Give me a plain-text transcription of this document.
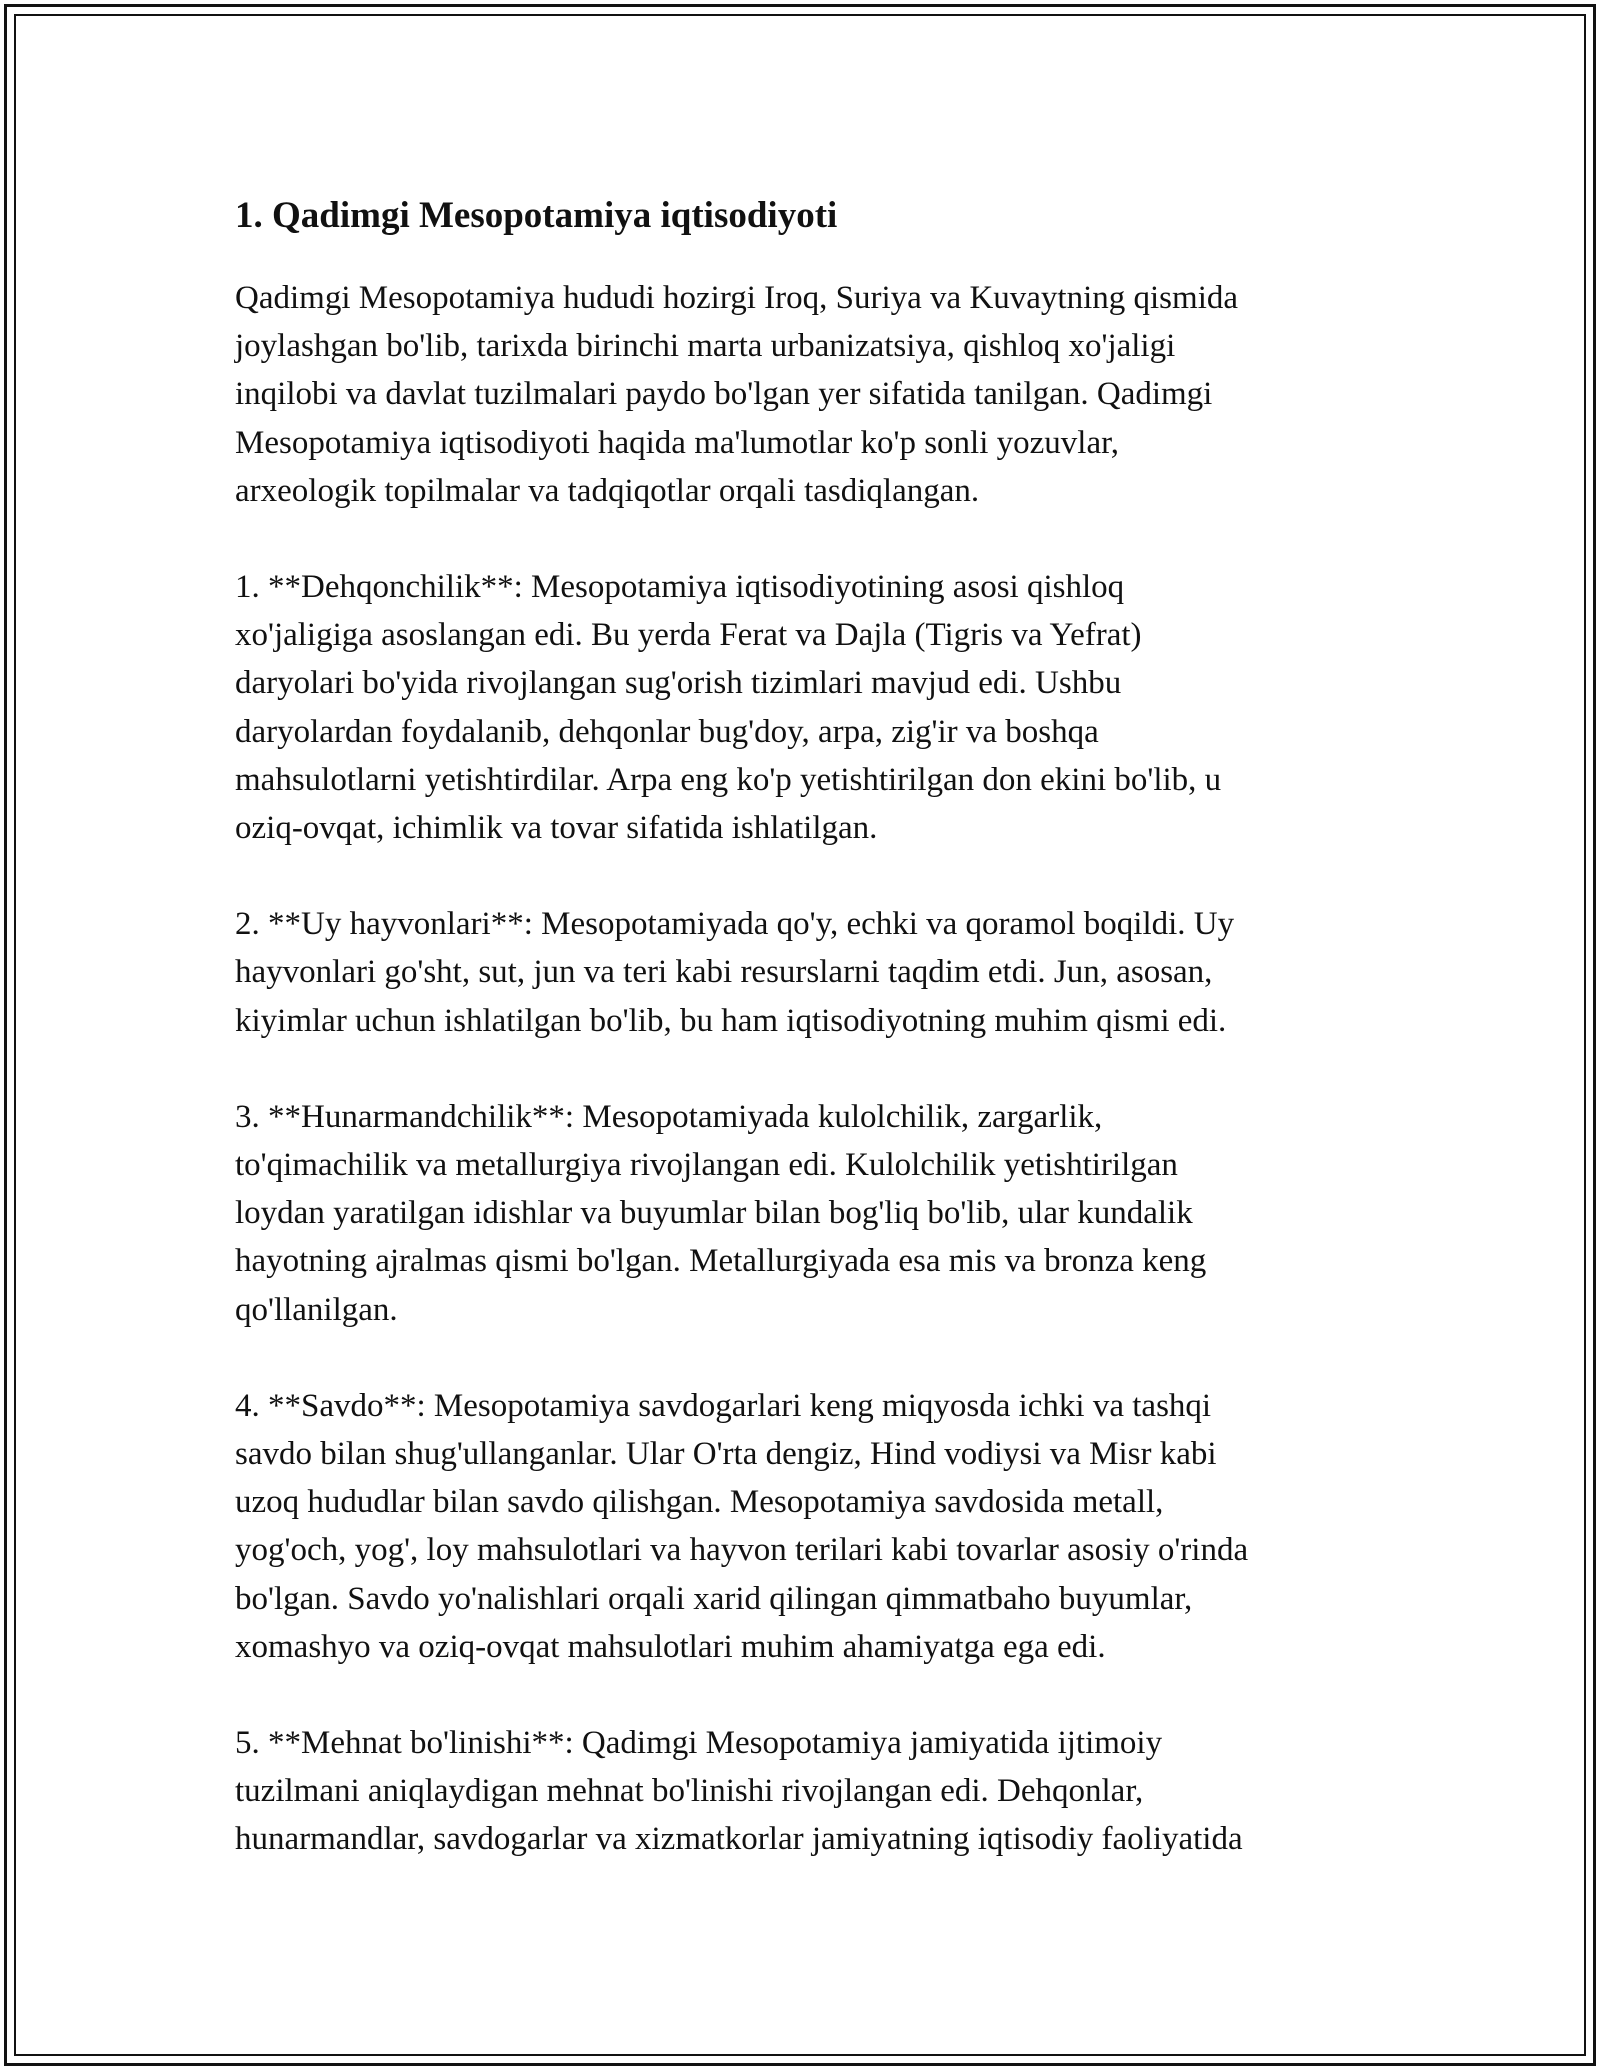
1. Qadimgi Mesopotamiya iqtisodiyoti

Qadimgi Mesopotamiya hududi hozirgi Iroq, Suriya va Kuvaytning qismida
joylashgan bo'lib, tarixda birinchi marta urbanizatsiya, qishloq xo'jaligi
inqilobi va davlat tuzilmalari paydo bo'lgan yer sifatida tanilgan. Qadimgi
Mesopotamiya iqtisodiyoti haqida ma'lumotlar ko'p sonli yozuvlar,
arxeologik topilmalar va tadqiqotlar orqali tasdiqlangan.

1. **Dehqonchilik**: Mesopotamiya iqtisodiyotining asosi qishloq
xo'jaligiga asoslangan edi. Bu yerda Ferat va Dajla (Tigris va Yefrat)
daryolari bo'yida rivojlangan sug'orish tizimlari mavjud edi. Ushbu
daryolardan foydalanib, dehqonlar bug'doy, arpa, zig'ir va boshqa
mahsulotlarni yetishtirdilar. Arpa eng ko'p yetishtirilgan don ekini bo'lib, u
oziq-ovqat, ichimlik va tovar sifatida ishlatilgan.

2. **Uy hayvonlari**: Mesopotamiyada qo'y, echki va qoramol boqildi. Uy
hayvonlari go'sht, sut, jun va teri kabi resurslarni taqdim etdi. Jun, asosan,
kiyimlar uchun ishlatilgan bo'lib, bu ham iqtisodiyotning muhim qismi edi.

3. **Hunarmandchilik**: Mesopotamiyada kulolchilik, zargarlik,
to'qimachilik va metallurgiya rivojlangan edi. Kulolchilik yetishtirilgan
loydan yaratilgan idishlar va buyumlar bilan bog'liq bo'lib, ular kundalik
hayotning ajralmas qismi bo'lgan. Metallurgiyada esa mis va bronza keng
qo'llanilgan.

4. **Savdo**: Mesopotamiya savdogarlari keng miqyosda ichki va tashqi
savdo bilan shug'ullanganlar. Ular O'rta dengiz, Hind vodiysi va Misr kabi
uzoq hududlar bilan savdo qilishgan. Mesopotamiya savdosida metall,
yog'och, yog', loy mahsulotlari va hayvon terilari kabi tovarlar asosiy o'rinda
bo'lgan. Savdo yo'nalishlari orqali xarid qilingan qimmatbaho buyumlar,
xomashyo va oziq-ovqat mahsulotlari muhim ahamiyatga ega edi.

5. **Mehnat bo'linishi**: Qadimgi Mesopotamiya jamiyatida ijtimoiy
tuzilmani aniqlaydigan mehnat bo'linishi rivojlangan edi. Dehqonlar,
hunarmandlar, savdogarlar va xizmatkorlar jamiyatning iqtisodiy faoliyatida
